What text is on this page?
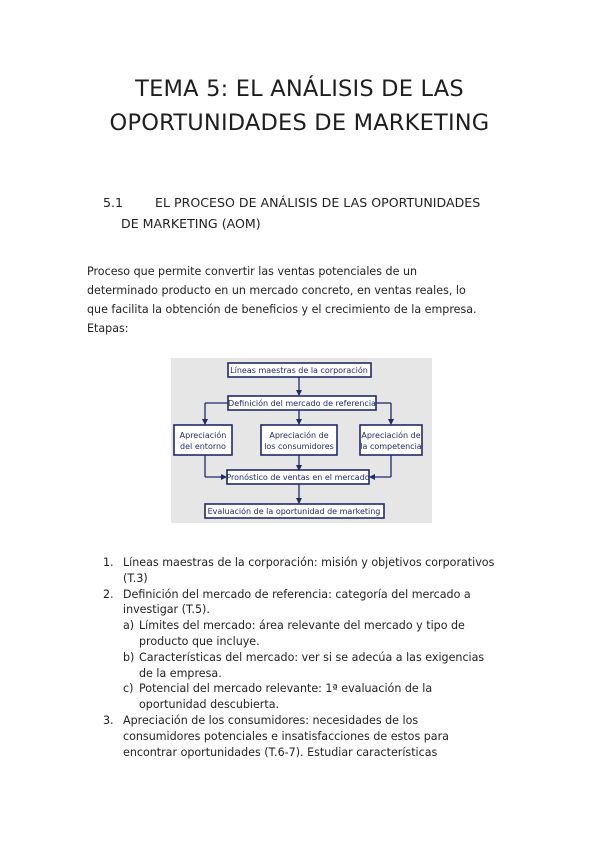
TEMA 5: EL ANÁLISIS DE LAS
OPORTUNIDADES DE MARKETING
5.1	EL PROCESO DE ANÁLISIS DE LAS OPORTUNIDADES
DE MARKETING (AOM)
Proceso que permite convertir las ventas potenciales de un
determinado producto en un mercado concreto, en ventas reales, lo
que facilita la obtención de beneficios y el crecimiento de la empresa.
Etapas:
Líneas maestras de la corporación
Definición del mercado de referencia
Apreciación
del entorno
Apreciación de
los consumidores
Apreciación de
la competencia
Pronóstico de ventas en el mercado
Evaluación de la oportunidad de marketing
1. Líneas maestras de la corporación: misión y objetivos corporativos
(T.3)
2. Definición del mercado de referencia: categoría del mercado a
investigar (T.5).
a) Límites del mercado: área relevante del mercado y tipo de
producto que incluye.
b) Características del mercado: ver si se adecúa a las exigencias
de la empresa.
c) Potencial del mercado relevante: 1ª evaluación de la
oportunidad descubierta.
3. Apreciación de los consumidores: necesidades de los
consumidores potenciales e insatisfacciones de estos para
encontrar oportunidades (T.6-7). Estudiar características
